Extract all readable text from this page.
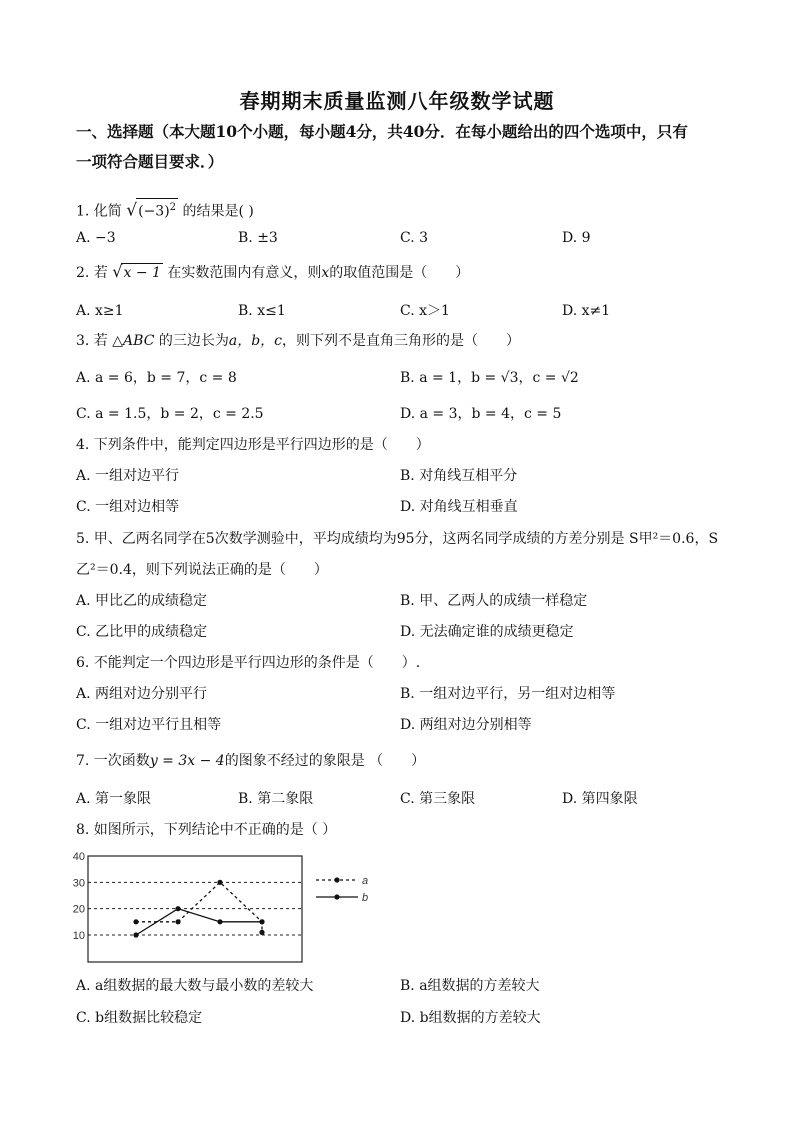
春期期末质量监测八年级数学试题
一、选择题（本大题10个小题，每小题4分，共40分．在每小题给出的四个选项中，只有
一项符合题目要求．）
1. 化简 $√(-3)^2$ 的结果是( )
A. −3	B. ±3	C. 3	D. 9
2. 若 √x − 1 在实数范围内有意义，则x的取值范围是（　　）
A. x≥1	B. x≤1	C. x＞1	D. x≠1
3. 若 △ABC 的三边长为a，b，c，则下列不是直角三角形的是（　　）
A. a = 6，b = 7，c = 8	B. a = 1，b = √3，c = √2
C. a = 1.5，b = 2，c = 2.5	D. a = 3，b = 4，c = 5
4. 下列条件中，能判定四边形是平行四边形的是（　　）
A. 一组对边平行	B. 对角线互相平分
C. 一组对边相等	D. 对角线互相垂直
5. 甲、乙两名同学在5次数学测验中，平均成绩均为95分，这两名同学成绩的方差分别是 S甲²＝0.6，S
乙²＝0.4，则下列说法正确的是（　　）
A. 甲比乙的成绩稳定	B. 甲、乙两人的成绩一样稳定
C. 乙比甲的成绩稳定	D. 无法确定谁的成绩更稳定
6. 不能判定一个四边形是平行四边形的条件是（　　）.
A. 两组对边分别平行	B. 一组对边平行，另一组对边相等
C. 一组对边平行且相等	D. 两组对边分别相等
7. 一次函数y = 3x − 4的图象不经过的象限是 （　　）
A. 第一象限	B. 第二象限	C. 第三象限	D. 第四象限
8. 如图所示，下列结论中不正确的是（ ）
10
20
30
40
a
b
A. a组数据的最大数与最小数的差较大	B. a组数据的方差较大
C. b组数据比较稳定	D. b组数据的方差较大
